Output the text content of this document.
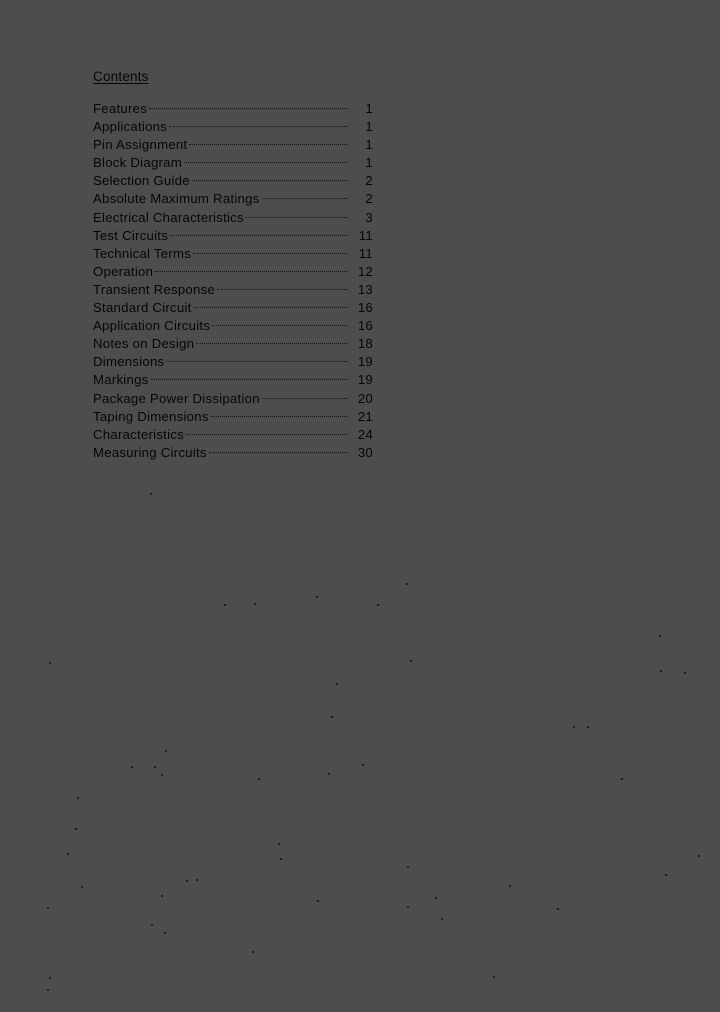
Contents
Features	1
Applications	1
Pin Assignment	1
Block Diagram	1
Selection Guide	2
Absolute Maximum Ratings	2
Electrical Characteristics	3
Test Circuits	11
Technical Terms	11
Operation	12
Transient Response	13
Standard Circuit	16
Application Circuits	16
Notes on Design	18
Dimensions	19
Markings	19
Package Power Dissipation	20
Taping Dimensions	21
Characteristics	24
Measuring Circuits	30
